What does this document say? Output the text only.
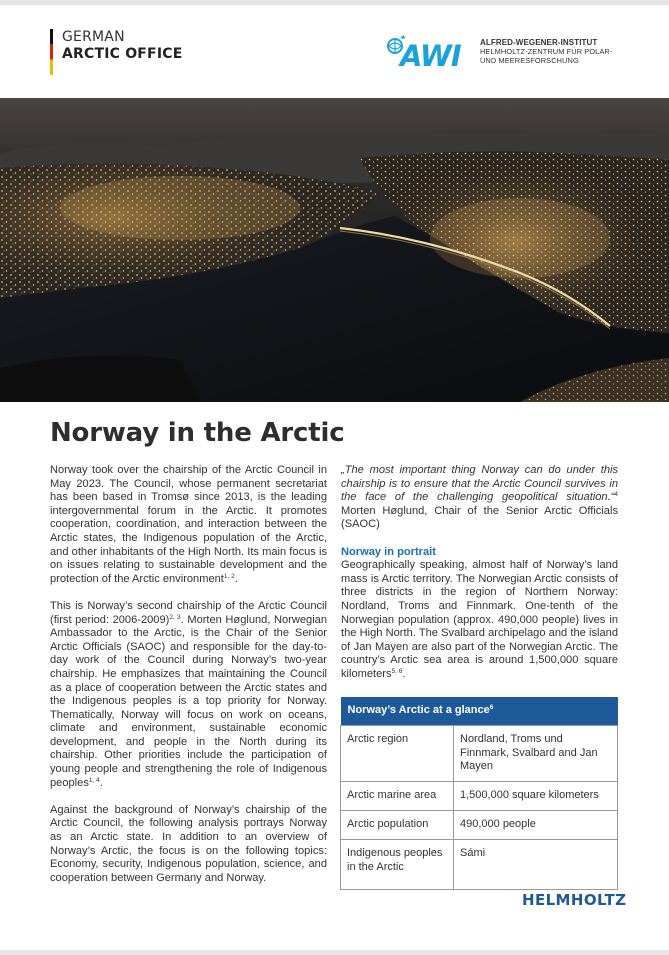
GERMAN
ARCTIC OFFICE	AWI ALFRED-WEGENER-INSTITUT
HELMHOLTZ-ZENTRUM FÜR POLAR-
UND MEERESFORSCHUNG
Norway in the Arctic

Norway took over the chairship of the Arctic Council in May 2023. The Council, whose permanent secretariat has been based in Tromsø since 2013, is the leading intergovernmental forum in the Arctic. It promotes cooperation, coordination, and interaction between the Arctic states, the Indigenous population of the Arctic, and other inhabitants of the High North. Its main focus is on issues relating to sustainable development and the protection of the Arctic environment$^{1, 2}$.

This is Norway’s second chairship of the Arctic Council (first period: 2006-2009)$^{2, 3}$. Morten Høglund, Norwegian Ambassador to the Arctic, is the Chair of the Senior Arctic Officials (SAOC) and responsible for the day-to-day work of the Council during Norway’s two-year chairship. He emphasizes that maintaining the Council as a place of cooperation between the Arctic states and the Indigenous peoples is a top priority for Norway. Thematically, Norway will focus on work on oceans, climate and environment, sustainable economic development, and people in the North during its chairship. Other priorities include the participation of young people and strengthening the role of Indigenous peoples$^{1, 4}$.

Against the background of Norway’s chairship of the Arctic Council, the following analysis portrays Norway as an Arctic state. In addition to an overview of Norway’s Arctic, the focus is on the following topics: Economy, security, Indigenous population, science, and cooperation between Germany and Norway.

„The most important thing Norway can do under this chairship is to ensure that the Arctic Council survives in the face of the challenging geopolitical situation.“$^4$ Morten Høglund, Chair of the Senior Arctic Officials (SAOC)

Norway in portrait

Geographically speaking, almost half of Norway’s land mass is Arctic territory. The Norwegian Arctic consists of three districts in the region of Northern Norway: Nordland, Troms and Finnmark. One-tenth of the Norwegian population (approx. 490,000 people) lives in the High North. The Svalbard archipelago and the island of Jan Mayen are also part of the Norwegian Arctic. The country’s Arctic sea area is around 1,500,000 square kilometers$^{5, 6}$.

Norway’s Arctic at a glance$^6$
Arctic region	Nordland, Troms und Finnmark, Svalbard and Jan Mayen
Arctic marine area	1,500,000 square kilometers
Arctic population	490,000 people
Indigenous peoples in the Arctic	Sámi
HELMHOLTZ
